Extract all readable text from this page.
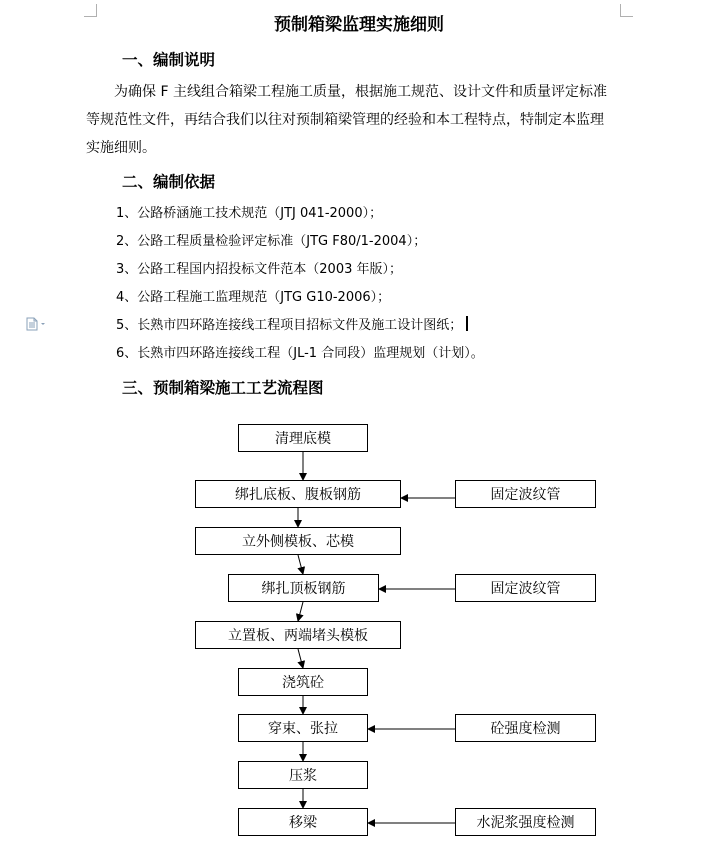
预制箱梁监理实施细则
一、编制说明

为确保 F 主线组合箱梁工程施工质量，根据施工规范、设计文件和质量评定标准

等规范性文件，再结合我们以往对预制箱梁管理的经验和本工程特点，特制定本监理

实施细则。

二、编制依据
1、公路桥涵施工技术规范（JTJ 041-2000）；
2、公路工程质量检验评定标准（JTG F80/1-2004）；
3、公路工程国内招投标文件范本（2003 年版）；
4、公路工程施工监理规范（JTG G10-2006）；
5、长熟市四环路连接线工程项目招标文件及施工设计图纸；
6、长熟市四环路连接线工程（JL-1 合同段）监理规划（计划）。
三、预制箱梁施工工艺流程图
清理底模
绑扎底板、腹板钢筋
立外侧模板、芯模
绑扎顶板钢筋
立置板、两端堵头模板
浇筑砼
穿束、张拉
压浆
移梁
固定波纹管
固定波纹管
砼强度检测
水泥浆强度检测
